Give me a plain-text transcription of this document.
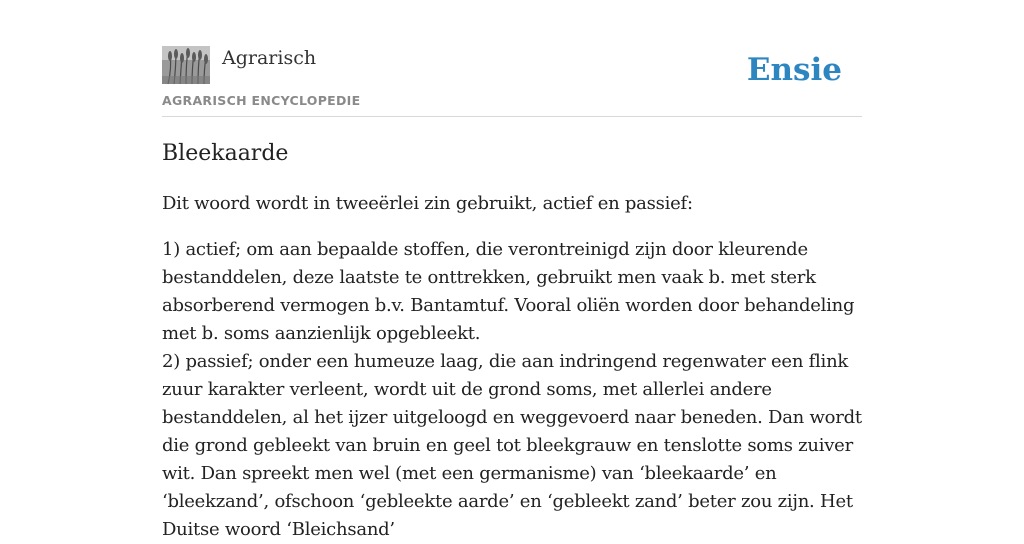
Agrarisch
AGRARISCH ENCYCLOPEDIE
Ensie
Bleekaarde

Dit woord wordt in tweeërlei zin gebruikt, actief en passief:

1) actief; om aan bepaalde stoffen, die verontreinigd zijn door kleurende bestanddelen, deze laatste te onttrekken, gebruikt men vaak b. met sterk absorberend vermogen b.v. Bantamtuf. Vooral oliën worden door behandeling met b. soms aanzienlijk opgebleekt.

2) passief; onder een humeuze laag, die aan indringend regenwater een flink zuur karakter verleent, wordt uit de grond soms, met allerlei andere bestanddelen, al het ijzer uitgeloogd en weggevoerd naar beneden. Dan wordt die grond gebleekt van bruin en geel tot bleekgrauw en tenslotte soms zuiver wit. Dan spreekt men wel (met een germanisme) van ‘bleekaarde’ en ‘bleekzand’, ofschoon ‘gebleekte aarde’ en ‘gebleekt zand’ beter zou zijn. Het Duitse woord ‘Bleichsand’
